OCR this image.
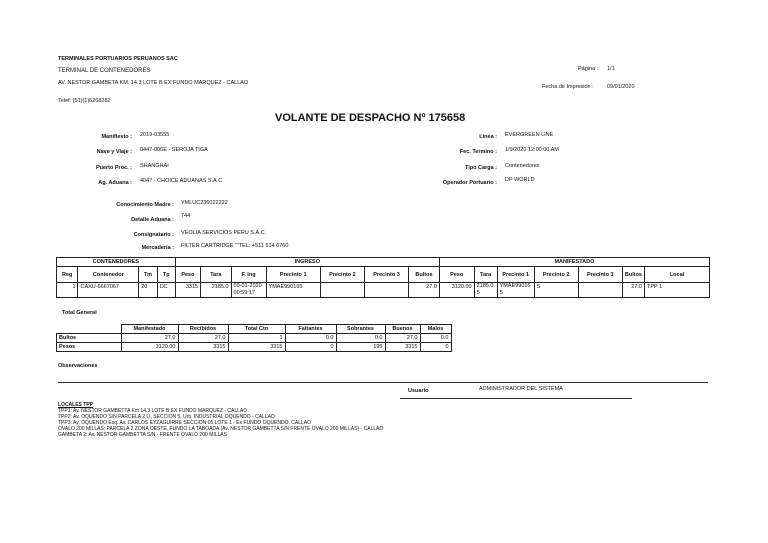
TERMINALES PORTUARIOS PERUANOS SAC
TERMINAL DE CONTENEDORES
AV. NESTOR GAMBETA KM. 14.3 LOTE B EX FUNDO MARQUEZ - CALLAO
Telef: (51)(1)6268282
Página : 1/1
Fecha de Impresión : 09/01/2020
VOLANTE DE DESPACHO Nº 175658
Manifiesto : 2019-03555
Nave y Viaje : 0447-006E - SEROJA TIGA
Puerto Proc. : SHANGHAI
Ag. Aduana : 4047 - CHOICE ADUANAS S.A.C
Linea : EVERGREEN LINE
Fec. Termino : 1/9/2020 12:00:00 AM
Tipo Carga : Contenedores
Operador Portuario : DP WORLD
Conocimiento Madre : YMLUC236022222
Detalle Aduana :
744
Consignatario : VEOLIA SERVICIOS PERU S.A.C.
Mercadería : FILTER CARTRIDGE ""TEL: +511 514 6760
CONTENEDORES				INGRESO							MANIFESTADO						
Reg	Contenedor	Tm	Tp	Peso	Tara	F. Ing	Precinto 1	Precinto 2	Precinto 3	Bultos	Peso	Tara	Precinto 1	Precinto 2	Precinto 3	Bultos	Local
1	CAXU-6667067	20	DC	3315	2185.0	09-01-2020 00:59:17	YMAE990165			27.0	3120.00	2185.0 5	YMAE99016 5	S		27.0	TPP 1
Total General
	Manifestado	Recibidos	Total Ctn	Faltantes	Sobrantes	Buenos	Malos
Bultos	27.0	27.0	1	0.0	0.0	27.0	0.0
Pesos	3120.00	3315	3315	0	195	3315	0
Observaciones
Usuario	ADMINISTRADOR DEL SISTEMA
LOCALES TPP
TPP1: Av. NESTOR GAMBETTA Km 14.3 LOTE B EX FUNDO MARQUEZ - CALLAO
TPP2: Av. OQUENDO S/N PARCELA 2 LI, SECCION 5, Urb. INDUSTRIAL OQUENDO - CALLAO
TPP3: Av. OQUENDO Esq. Av. CARLOS EYZAGUIRRE SECCION 05 LOTE 1 - Ex FUNDO OQUENDO, CALLAO
OVALO 200 MILLAS: PARCELA 2 ZONA OESTE, FUNDO LA TABOADA (Av. NESTOR GAMBETTA S/N FRENTE OVALO 200 MILLAS) - CALLAO
GAMBETA 2: Av. NESTOR GAMBETTA S/N - FRENTE OVALO 200 MILLAS
